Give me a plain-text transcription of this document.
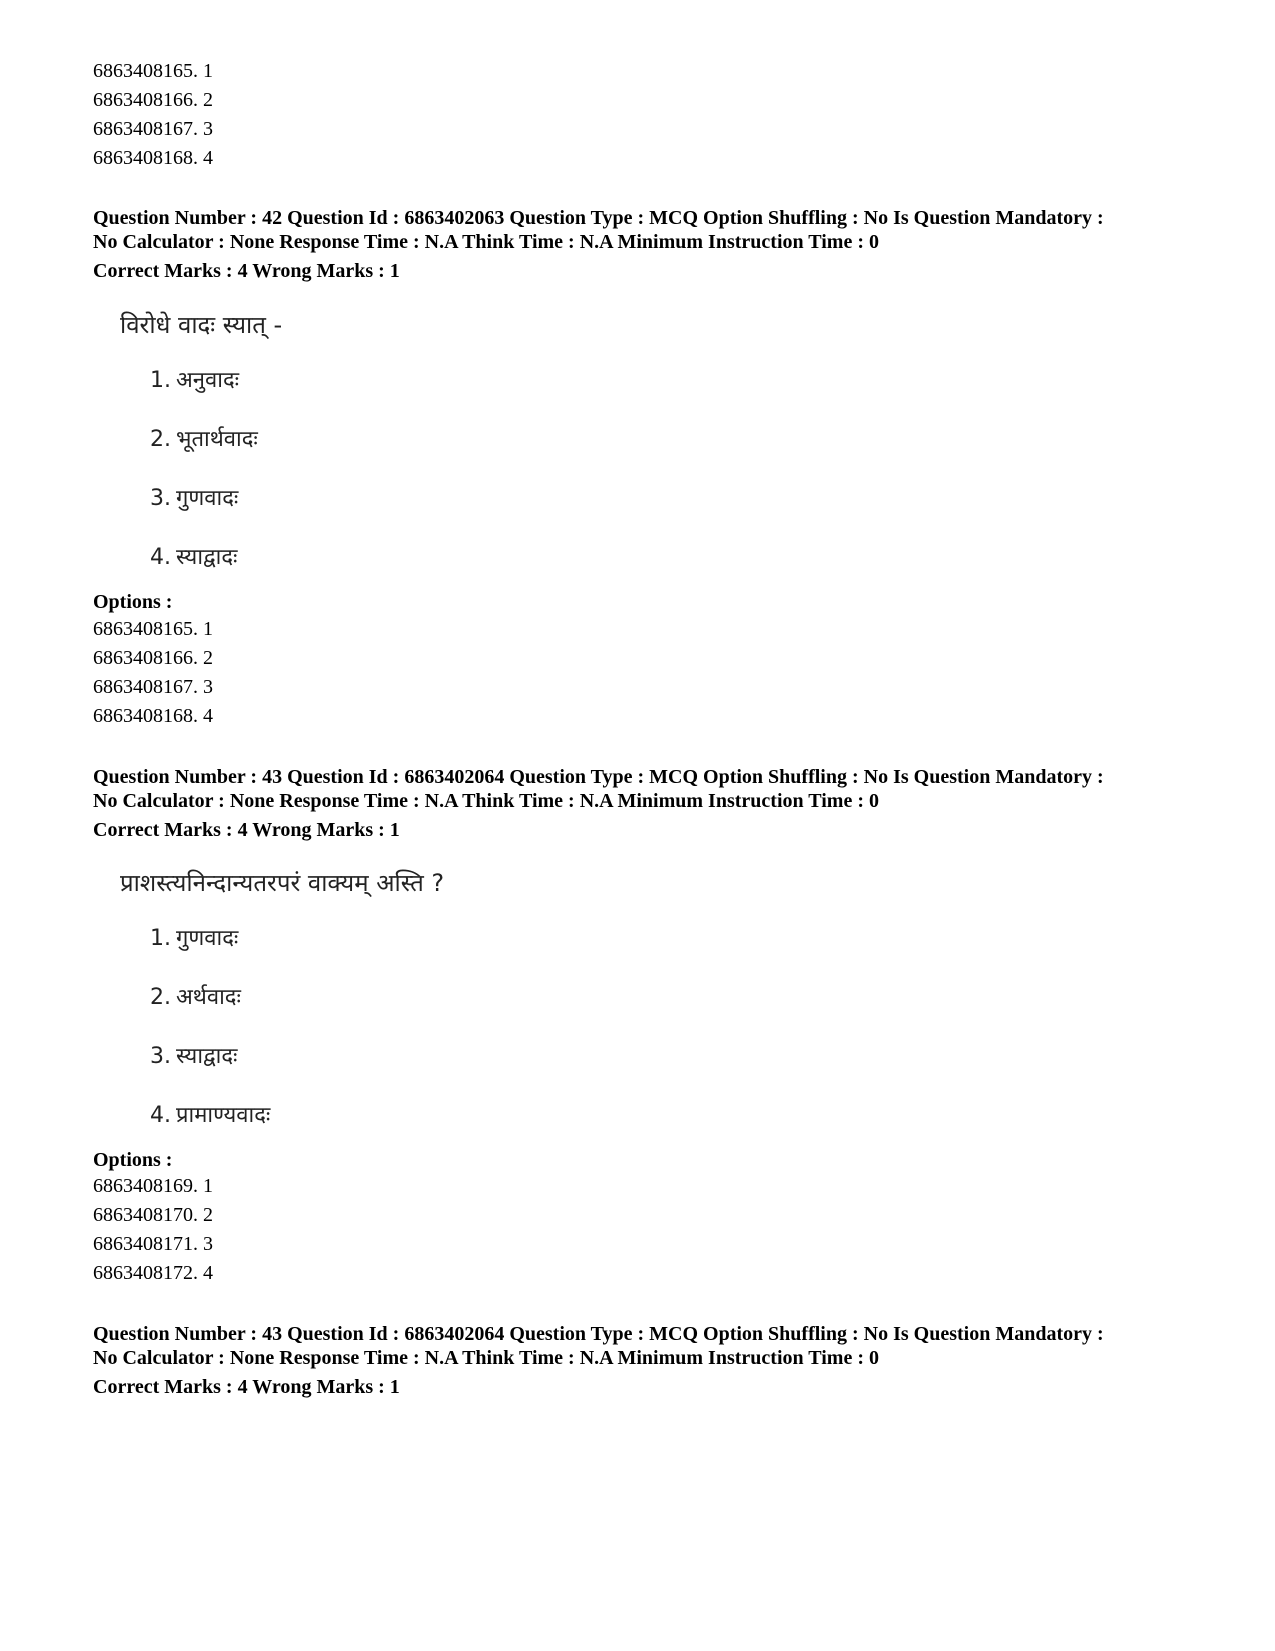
6863408165. 1
6863408166. 2
6863408167. 3
6863408168. 4
Question Number : 42 Question Id : 6863402063 Question Type : MCQ Option Shuffling : No Is Question Mandatory :
No Calculator : None Response Time : N.A Think Time : N.A Minimum Instruction Time : 0
Correct Marks : 4 Wrong Marks : 1
विरोधे वादः स्यात् -
1. अनुवादः
2. भूतार्थवादः
3. गुणवादः
4. स्याद्वादः
Options :
6863408165. 1
6863408166. 2
6863408167. 3
6863408168. 4
Question Number : 43 Question Id : 6863402064 Question Type : MCQ Option Shuffling : No Is Question Mandatory :
No Calculator : None Response Time : N.A Think Time : N.A Minimum Instruction Time : 0
Correct Marks : 4 Wrong Marks : 1
प्राशस्त्यनिन्दान्यतरपरं वाक्यम् अस्ति ?
1. गुणवादः
2. अर्थवादः
3. स्याद्वादः
4. प्रामाण्यवादः
Options :
6863408169. 1
6863408170. 2
6863408171. 3
6863408172. 4
Question Number : 43 Question Id : 6863402064 Question Type : MCQ Option Shuffling : No Is Question Mandatory :
No Calculator : None Response Time : N.A Think Time : N.A Minimum Instruction Time : 0
Correct Marks : 4 Wrong Marks : 1
